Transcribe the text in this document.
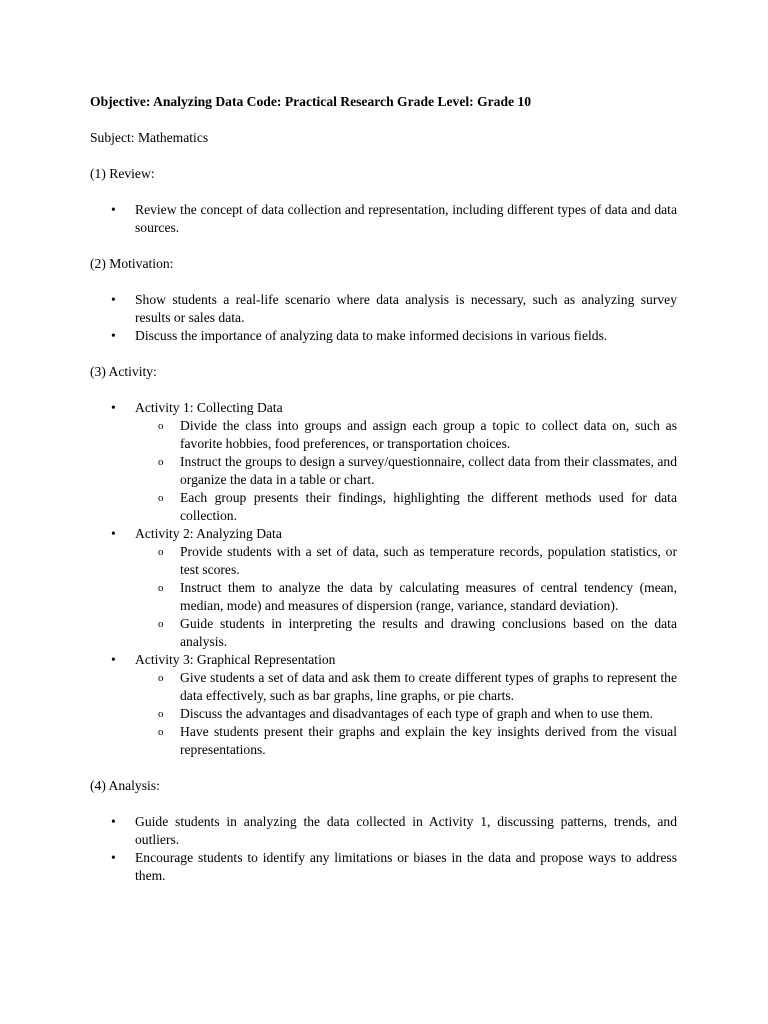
Objective: Analyzing Data Code: Practical Research Grade Level: Grade 10
Subject: Mathematics
(1) Review:
• Review the concept of data collection and representation, including different types of data and data sources.
(2) Motivation:
• Show students a real-life scenario where data analysis is necessary, such as analyzing survey results or sales data.
• Discuss the importance of analyzing data to make informed decisions in various fields.
(3) Activity:
• Activity 1: Collecting Data
o Divide the class into groups and assign each group a topic to collect data on, such as favorite hobbies, food preferences, or transportation choices.
o Instruct the groups to design a survey/questionnaire, collect data from their classmates, and organize the data in a table or chart.
o Each group presents their findings, highlighting the different methods used for data collection.
• Activity 2: Analyzing Data
o Provide students with a set of data, such as temperature records, population statistics, or test scores.
o Instruct them to analyze the data by calculating measures of central tendency (mean, median, mode) and measures of dispersion (range, variance, standard deviation).
o Guide students in interpreting the results and drawing conclusions based on the data analysis.
• Activity 3: Graphical Representation
o Give students a set of data and ask them to create different types of graphs to represent the data effectively, such as bar graphs, line graphs, or pie charts.
o Discuss the advantages and disadvantages of each type of graph and when to use them.
o Have students present their graphs and explain the key insights derived from the visual representations.
(4) Analysis:
• Guide students in analyzing the data collected in Activity 1, discussing patterns, trends, and outliers.
• Encourage students to identify any limitations or biases in the data and propose ways to address them.
